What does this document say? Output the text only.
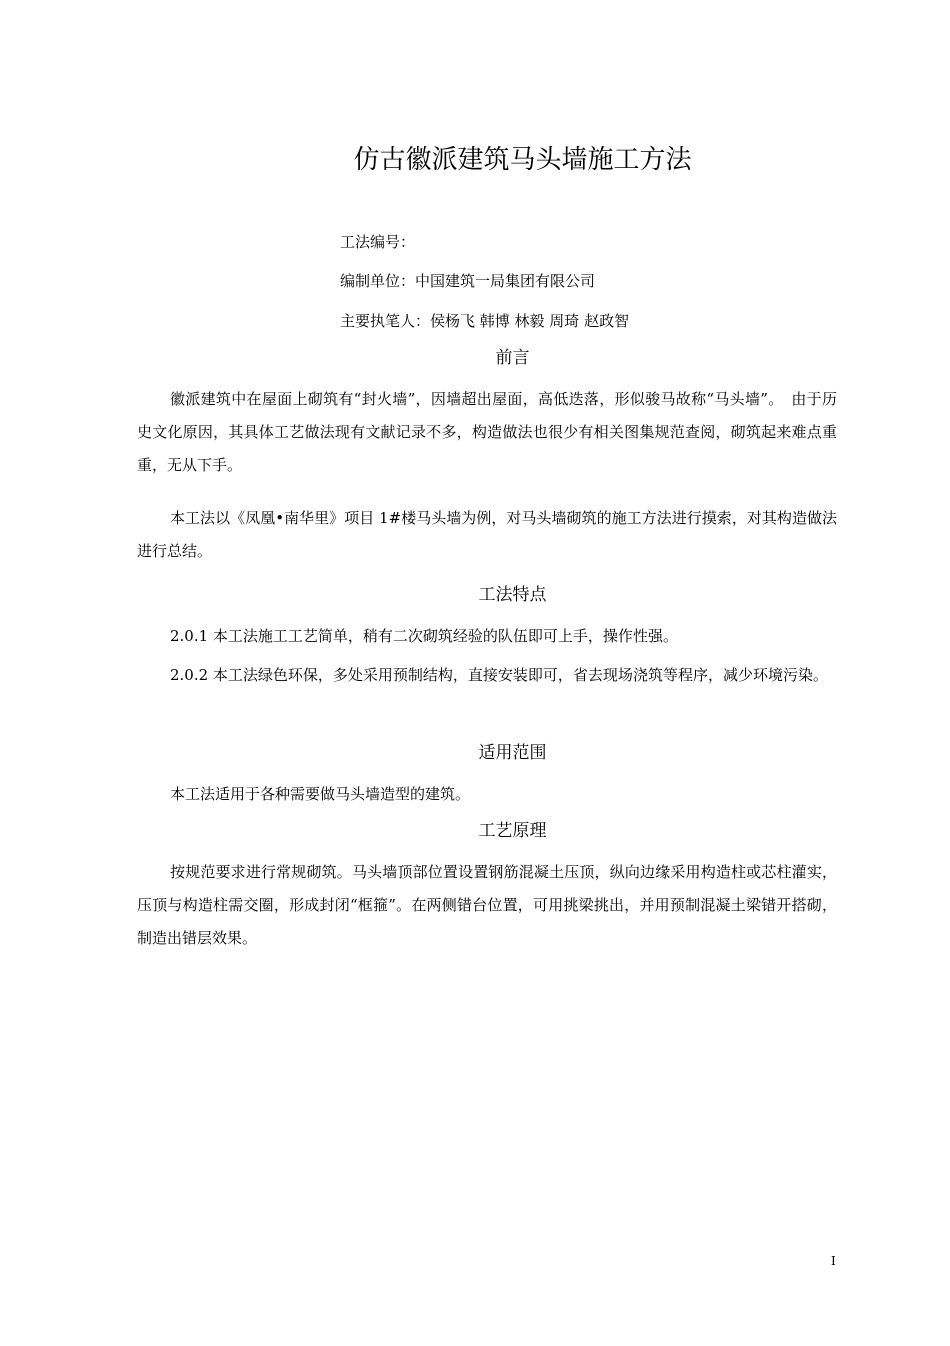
仿古徽派建筑马头墙施工方法
工法编号：
编制单位：中国建筑一局集团有限公司
主要执笔人：侯杨飞 韩博 林毅 周琦 赵政智
前言

徽派建筑中在屋面上砌筑有“封火墙”，因墙超出屋面，高低迭落，形似骏马故称“马头墙”。　由于历史文化原因，其具体工艺做法现有文献记录不多，构造做法也很少有相关图集规范查阅，砌筑起来难点重重，无从下手。

本工法以《凤凰•南华里》项目 1#楼马头墙为例，对马头墙砌筑的施工方法进行摸索，对其构造做法进行总结。

工法特点

2.0.1 本工法施工工艺简单，稍有二次砌筑经验的队伍即可上手，操作性强。

2.0.2 本工法绿色环保，多处采用预制结构，直接安装即可，省去现场浇筑等程序，减少环境污染。

适用范围

本工法适用于各种需要做马头墙造型的建筑。

工艺原理

按规范要求进行常规砌筑。马头墙顶部位置设置钢筋混凝土压顶，纵向边缘采用构造柱或芯柱灌实，压顶与构造柱需交圈，形成封闭“框箍”。在两侧错台位置，可用挑梁挑出，并用预制混凝土梁错开搭砌，制造出错层效果。

I
